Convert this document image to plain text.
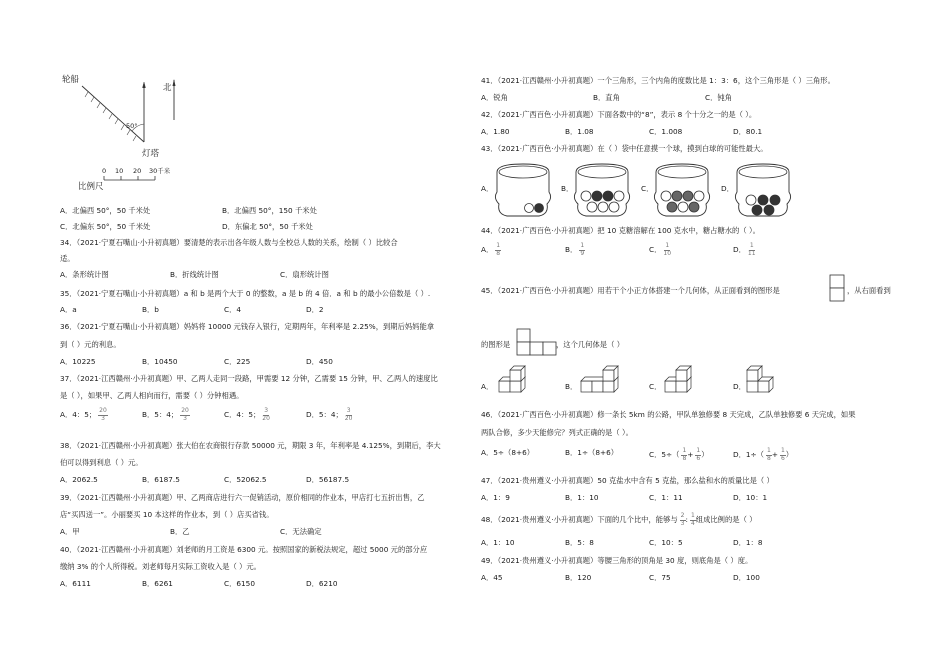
轮船
50°
北
灯塔
0 10 20 30千米
比例尺
A．北偏西 50°，50 千米处	B．北偏西 50°，150 千米处
C．北偏东 50°，50 千米处	D．东偏北 50°，50 千米处
34．（2021·宁夏石嘴山·小升初真题）要清楚的表示出各年级人数与全校总人数的关系，绘制（ ）比较合
适。
A．条形统计图	B．折线统计图	C．扇形统计图
35．（2021·宁夏石嘴山·小升初真题）a 和 b 是两个大于 0 的整数，a 是 b 的 4 倍．a 和 b 的最小公倍数是（ ）.
A．a	B．b	C．4	D．2
36．（2021·宁夏石嘴山·小升初真题）妈妈将 10000 元钱存入银行，定期两年，年利率是 2.25%，到期后妈妈能拿
到（ ）元的利息。
A．10225	B．10450	C．225	D．450
37．（2021·江西赣州·小升初真题）甲、乙两人走同一段路，甲需要 12 分钟，乙需要 15 分钟，甲、乙两人的速度比
是（ ），如果甲、乙两人相向而行，需要（ ）分钟相遇。
A．4：5； $\frac{20}{3}$	B．5：4； $\frac{20}{3}$	C．4：5； $\frac{3}{20}$	D．5：4； $\frac{3}{20}$
38．（2021·江西赣州·小升初真题）张大伯在农商银行存款 50000 元，期限 3 年，年利率是 4.125%，到期后，李大
伯可以得到利息（ ）元。
A．2062.5	B．6187.5	C．52062.5	D．56187.5
39．（2021·江西赣州·小升初真题）甲、乙两商店进行六一促销活动，原价相同的作业本，甲店打七五折出售，乙
店“买四送一”。小丽要买 10 本这样的作业本，到（ ）店买省钱。
A．甲	B．乙	C．无法确定
40．（2021·江西赣州·小升初真题）刘老师的月工资是 6300 元。按照国家的新税法规定，超过 5000 元的部分应
缴纳 3% 的个人所得税。刘老师每月实际工资收入是（ ）元。
A．6111	B．6261	C．6150	D．6210
41．（2021·江西赣州·小升初真题）一个三角形，三个内角的度数比是 1：3：6，这个三角形是（ ）三角形。
A．锐角	B．直角	C．钝角
42．（2021·广西百色·小升初真题）下面各数中的“8”，表示 8 个十分之一的是（ ）。
A．1.80	B．1.08	C．1.008	D．80.1
43．（2021·广西百色·小升初真题）在（ ）袋中任意摸一个球，摸到白球的可能性最大。
A．	B．	C．	D．
44．（2021·广西百色·小升初真题）把 10 克糖溶解在 100 克水中，糖占糖水的（ ）。
A． $\frac{1}{8}$	B． $\frac{1}{9}$	C． $\frac{1}{10}$	D． $\frac{1}{11}$
45．（2021·广西百色·小升初真题）用若干个小正方体搭建一个几何体，从正面看到的图形是	，从右面看到
的图形是	，这个几何体是（ ）
A．	B．	C．	D．
46．（2021·广西百色·小升初真题）修一条长 5km 的公路，甲队单独修要 8 天完成，乙队单独修要 6 天完成，如果
两队合修，多少天能修完？列式正确的是（ ）。
A．5÷（8+6）	B．1÷（8+6）	C．$5\div( \frac{1}{8} + \frac{1}{6}$ ）	D．$1\div( \frac{1}{8} + \frac{1}{6}$ ）
47．（2021·贵州遵义·小升初真题）50 克盐水中含有 5 克盐，那么盐和水的质量比是（ ）
A．1：9	B．1：10	C．1：11	D．10：1
48．（2021·贵州遵义·小升初真题）下面的几个比中，能够与 $\frac{2}{3}$ : $\frac{1}{4}$ 组成比例的是（ ）
A．1：10	B．5：8	C．10：5	D．1：8
49．（2021·贵州遵义·小升初真题）等腰三角形的顶角是 30 度，则底角是（ ）度。
A．45	B．120	C．75	D．100
